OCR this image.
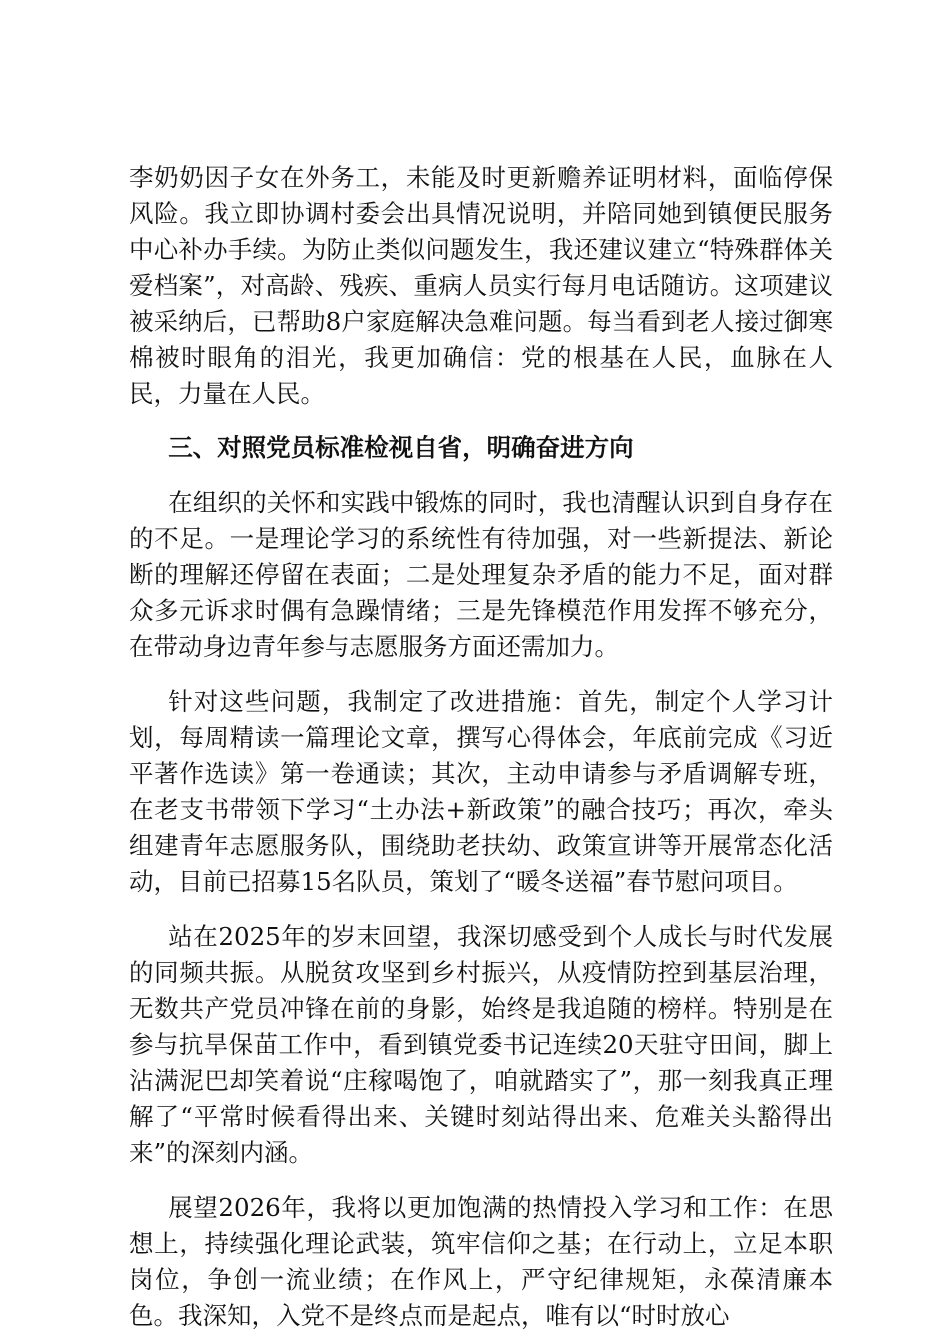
李奶奶因子女在外务工，未能及时更新赡养证明材料，面临停保风险。我立即协调村委会出具情况说明，并陪同她到镇便民服务中心补办手续。为防止类似问题发生，我还建议建立“特殊群体关爱档案”，对高龄、残疾、重病人员实行每月电话随访。这项建议被采纳后，已帮助8户家庭解决急难问题。每当看到老人接过御寒棉被时眼角的泪光，我更加确信：党的根基在人民，血脉在人民，力量在人民。

三、对照党员标准检视自省，明确奋进方向

在组织的关怀和实践中锻炼的同时，我也清醒认识到自身存在的不足。一是理论学习的系统性有待加强，对一些新提法、新论断的理解还停留在表面；二是处理复杂矛盾的能力不足，面对群众多元诉求时偶有急躁情绪；三是先锋模范作用发挥不够充分，在带动身边青年参与志愿服务方面还需加力。

针对这些问题，我制定了改进措施：首先，制定个人学习计划，每周精读一篇理论文章，撰写心得体会，年底前完成《习近平著作选读》第一卷通读；其次，主动申请参与矛盾调解专班，在老支书带领下学习“土办法+新政策”的融合技巧；再次，牵头组建青年志愿服务队，围绕助老扶幼、政策宣讲等开展常态化活动，目前已招募15名队员，策划了“暖冬送福”春节慰问项目。

站在2025年的岁末回望，我深切感受到个人成长与时代发展的同频共振。从脱贫攻坚到乡村振兴，从疫情防控到基层治理，无数共产党员冲锋在前的身影，始终是我追随的榜样。特别是在参与抗旱保苗工作中，看到镇党委书记连续20天驻守田间，脚上沾满泥巴却笑着说“庄稼喝饱了，咱就踏实了”，那一刻我真正理解了“平常时候看得出来、关键时刻站得出来、危难关头豁得出来”的深刻内涵。

展望2026年，我将以更加饱满的热情投入学习和工作：在思想上，持续强化理论武装，筑牢信仰之基；在行动上，立足本职岗位，争创一流业绩；在作风上，严守纪律规矩，永葆清廉本色。我深知，入党不是终点而是起点，唯有以“时时放心
